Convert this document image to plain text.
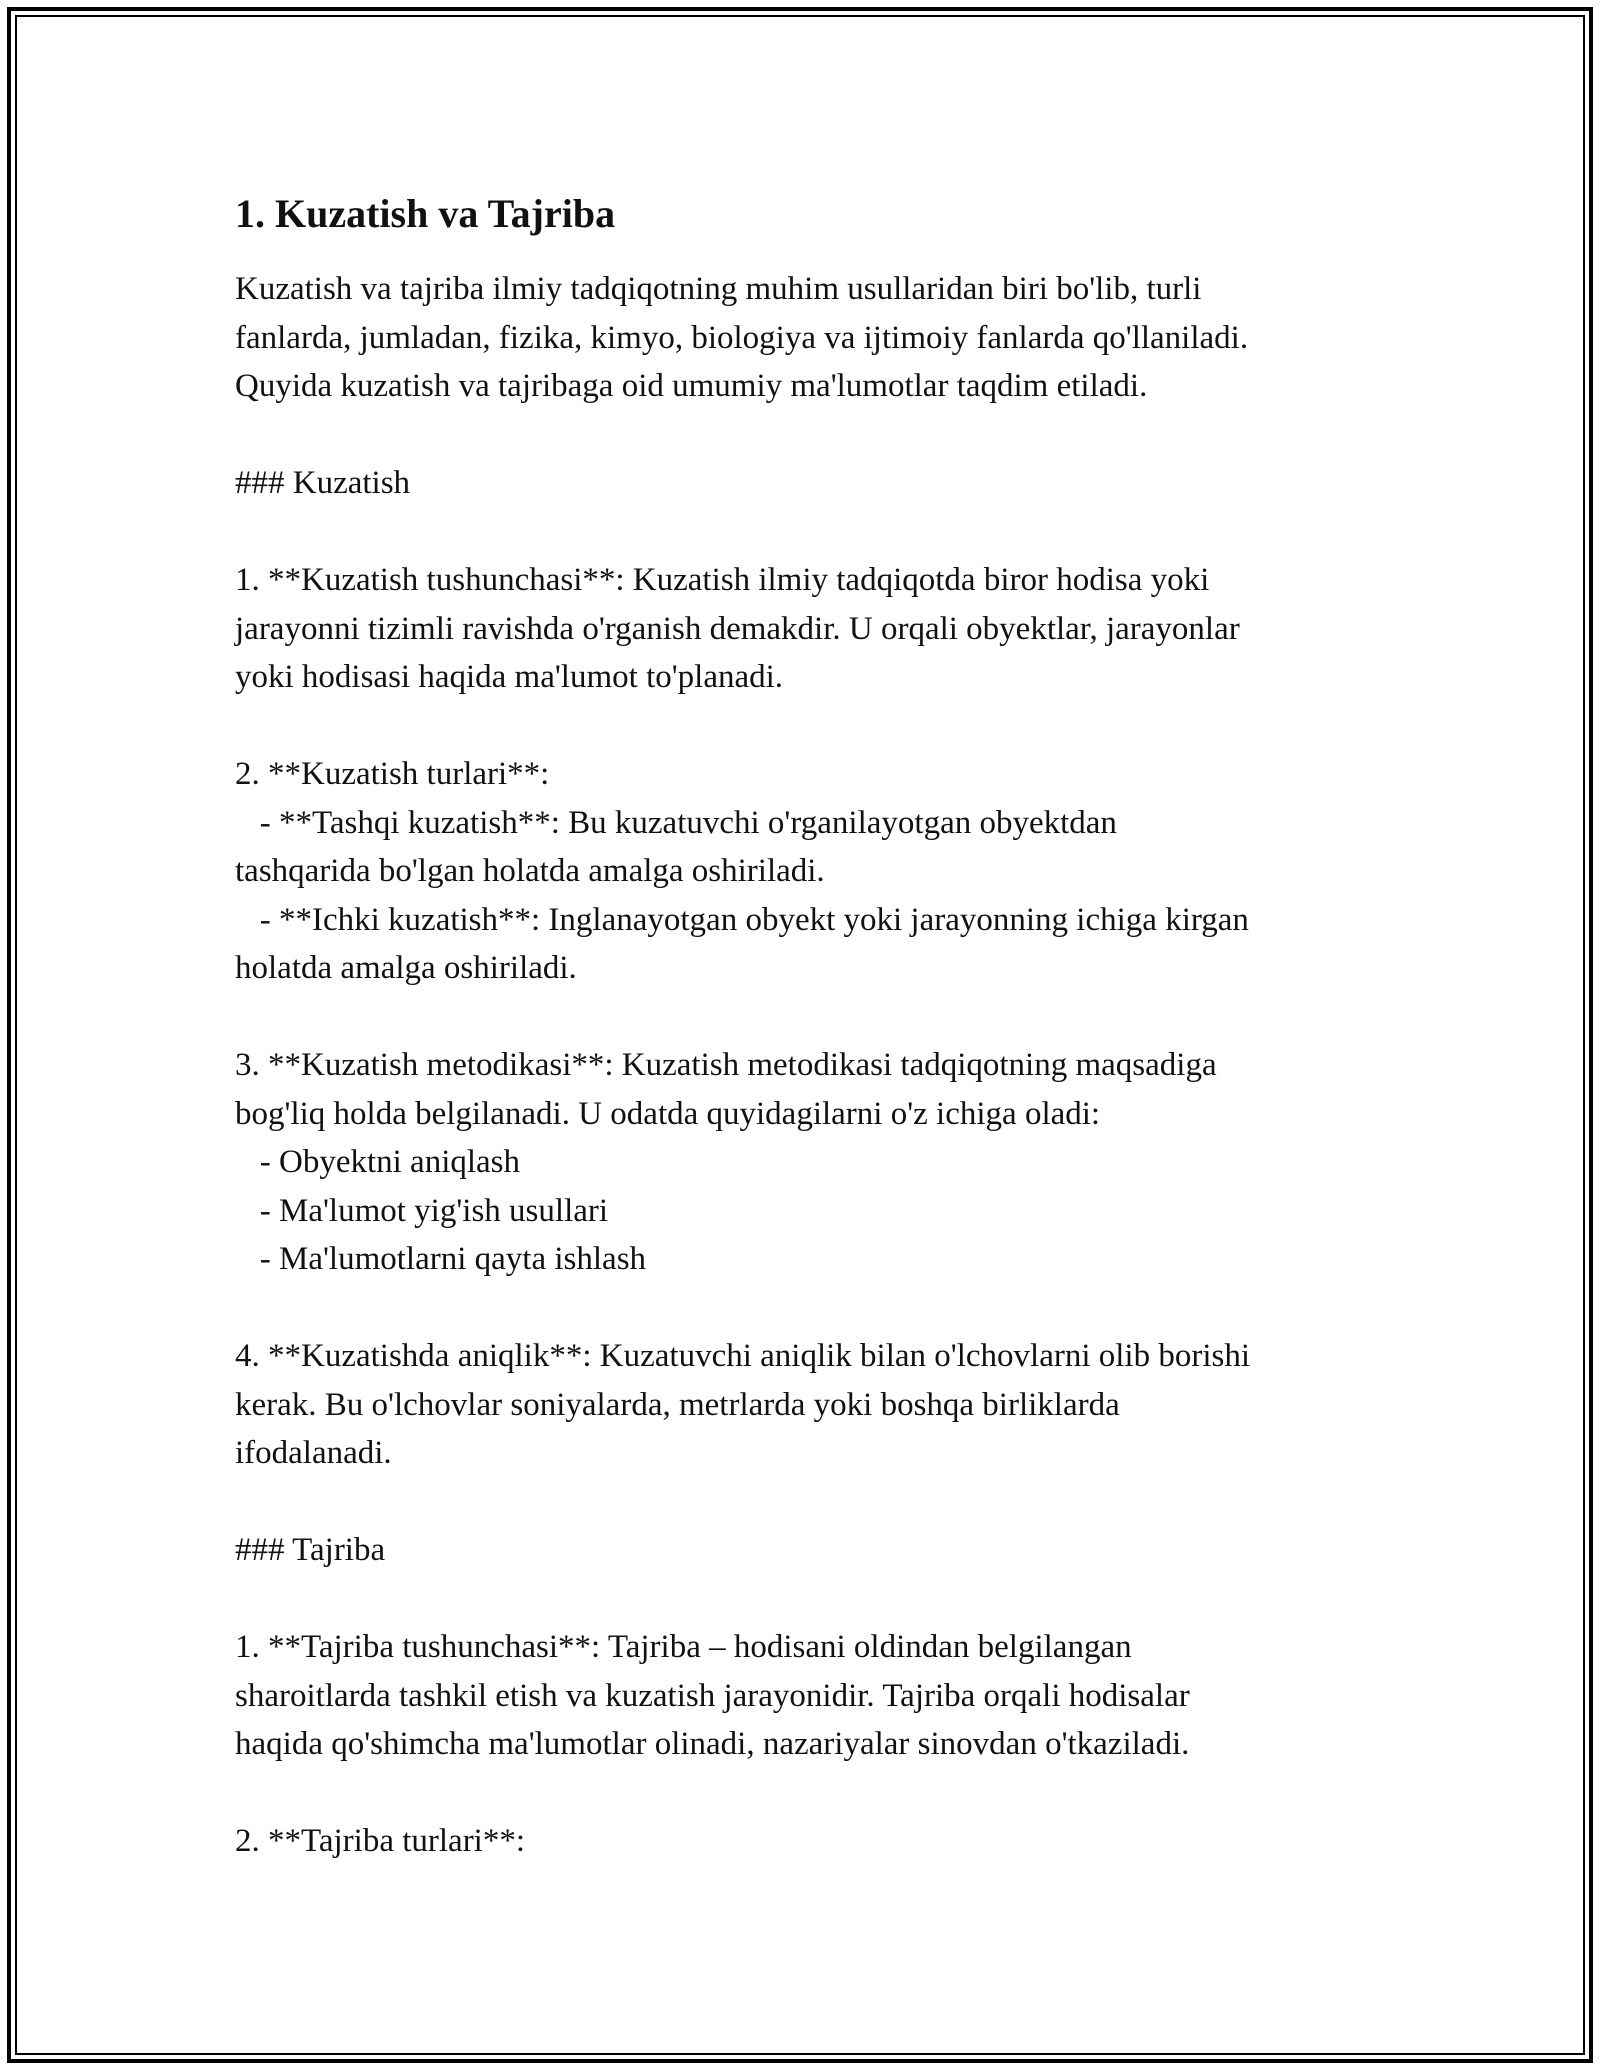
1. Kuzatish va Tajriba
Kuzatish va tajriba ilmiy tadqiqotning muhim usullaridan biri bo'lib, turli
fanlarda, jumladan, fizika, kimyo, biologiya va ijtimoiy fanlarda qo'llaniladi.
Quyida kuzatish va tajribaga oid umumiy ma'lumotlar taqdim etiladi.
### Kuzatish
1. **Kuzatish tushunchasi**: Kuzatish ilmiy tadqiqotda biror hodisa yoki
jarayonni tizimli ravishda o'rganish demakdir. U orqali obyektlar, jarayonlar
yoki hodisasi haqida ma'lumot to'planadi.
2. **Kuzatish turlari**:
- **Tashqi kuzatish**: Bu kuzatuvchi o'rganilayotgan obyektdan
tashqarida bo'lgan holatda amalga oshiriladi.
- **Ichki kuzatish**: Inglanayotgan obyekt yoki jarayonning ichiga kirgan
holatda amalga oshiriladi.
3. **Kuzatish metodikasi**: Kuzatish metodikasi tadqiqotning maqsadiga
bog'liq holda belgilanadi. U odatda quyidagilarni o'z ichiga oladi:
- Obyektni aniqlash
- Ma'lumot yig'ish usullari
- Ma'lumotlarni qayta ishlash
4. **Kuzatishda aniqlik**: Kuzatuvchi aniqlik bilan o'lchovlarni olib borishi
kerak. Bu o'lchovlar soniyalarda, metrlarda yoki boshqa birliklarda
ifodalanadi.
### Tajriba
1. **Tajriba tushunchasi**: Tajriba – hodisani oldindan belgilangan
sharoitlarda tashkil etish va kuzatish jarayonidir. Tajriba orqali hodisalar
haqida qo'shimcha ma'lumotlar olinadi, nazariyalar sinovdan o'tkaziladi.
2. **Tajriba turlari**:
